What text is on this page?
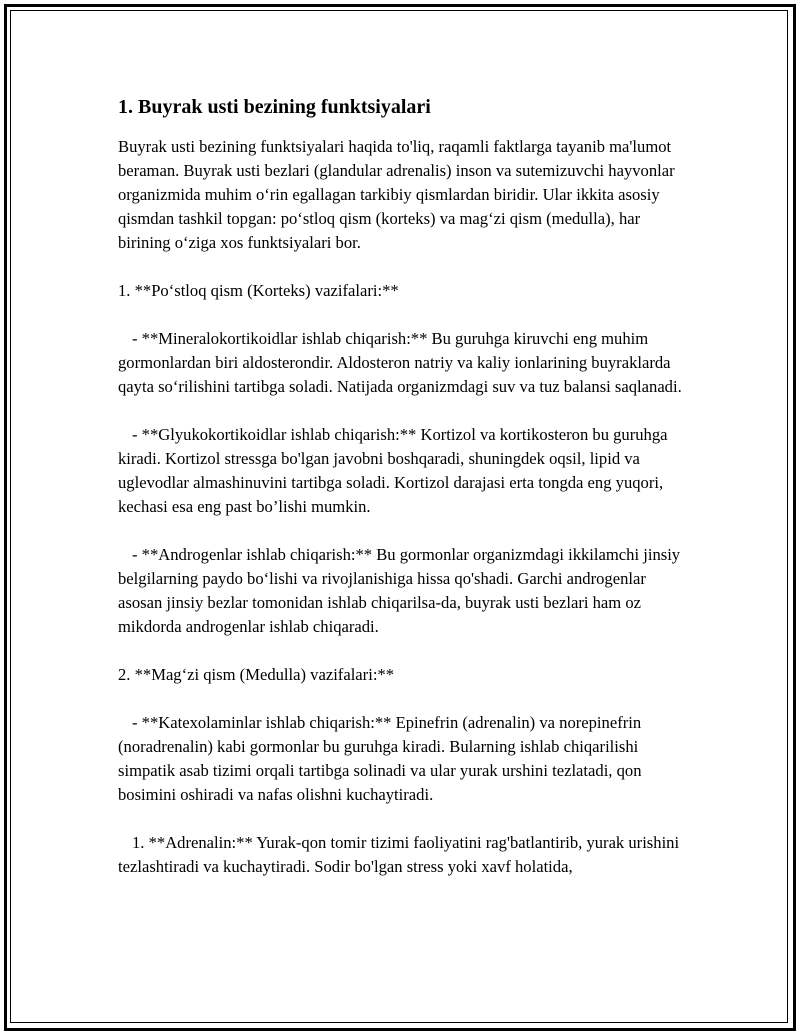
1. Buyrak usti bezining funktsiyalari

Buyrak usti bezining funktsiyalari haqida to'liq, raqamli faktlarga tayanib ma'lumot beraman. Buyrak usti bezlari (glandular adrenalis) inson va sutemizuvchi hayvonlar organizmida muhim o‘rin egallagan tarkibiy qismlardan biridir. Ular ikkita asosiy qismdan tashkil topgan: po‘stloq qism (korteks) va mag‘zi qism (medulla), har birining o‘ziga xos funktsiyalari bor.

1. **Po‘stloq qism (Korteks) vazifalari:**

- **Mineralokortikoidlar ishlab chiqarish:** Bu guruhga kiruvchi eng muhim gormonlardan biri aldosterondir. Aldosteron natriy va kaliy ionlarining buyraklarda qayta so‘rilishini tartibga soladi. Natijada organizmdagi suv va tuz balansi saqlanadi.

- **Glyukokortikoidlar ishlab chiqarish:** Kortizol va kortikosteron bu guruhga kiradi. Kortizol stressga bo'lgan javobni boshqaradi, shuningdek oqsil, lipid va uglevodlar almashinuvini tartibga soladi. Kortizol darajasi erta tongda eng yuqori, kechasi esa eng past bo’lishi mumkin.

- **Androgenlar ishlab chiqarish:** Bu gormonlar organizmdagi ikkilamchi jinsiy belgilarning paydo bo‘lishi va rivojlanishiga hissa qo'shadi. Garchi androgenlar asosan jinsiy bezlar tomonidan ishlab chiqarilsa-da, buyrak usti bezlari ham oz mikdorda androgenlar ishlab chiqaradi.

2. **Mag‘zi qism (Medulla) vazifalari:**

- **Katexolaminlar ishlab chiqarish:** Epinefrin (adrenalin) va norepinefrin (noradrenalin) kabi gormonlar bu guruhga kiradi. Bularning ishlab chiqarilishi simpatik asab tizimi orqali tartibga solinadi va ular yurak urshini tezlatadi, qon bosimini oshiradi va nafas olishni kuchaytiradi.

1. **Adrenalin:** Yurak-qon tomir tizimi faoliyatini rag'batlantirib, yurak urishini tezlashtiradi va kuchaytiradi. Sodir bo'lgan stress yoki xavf holatida,
